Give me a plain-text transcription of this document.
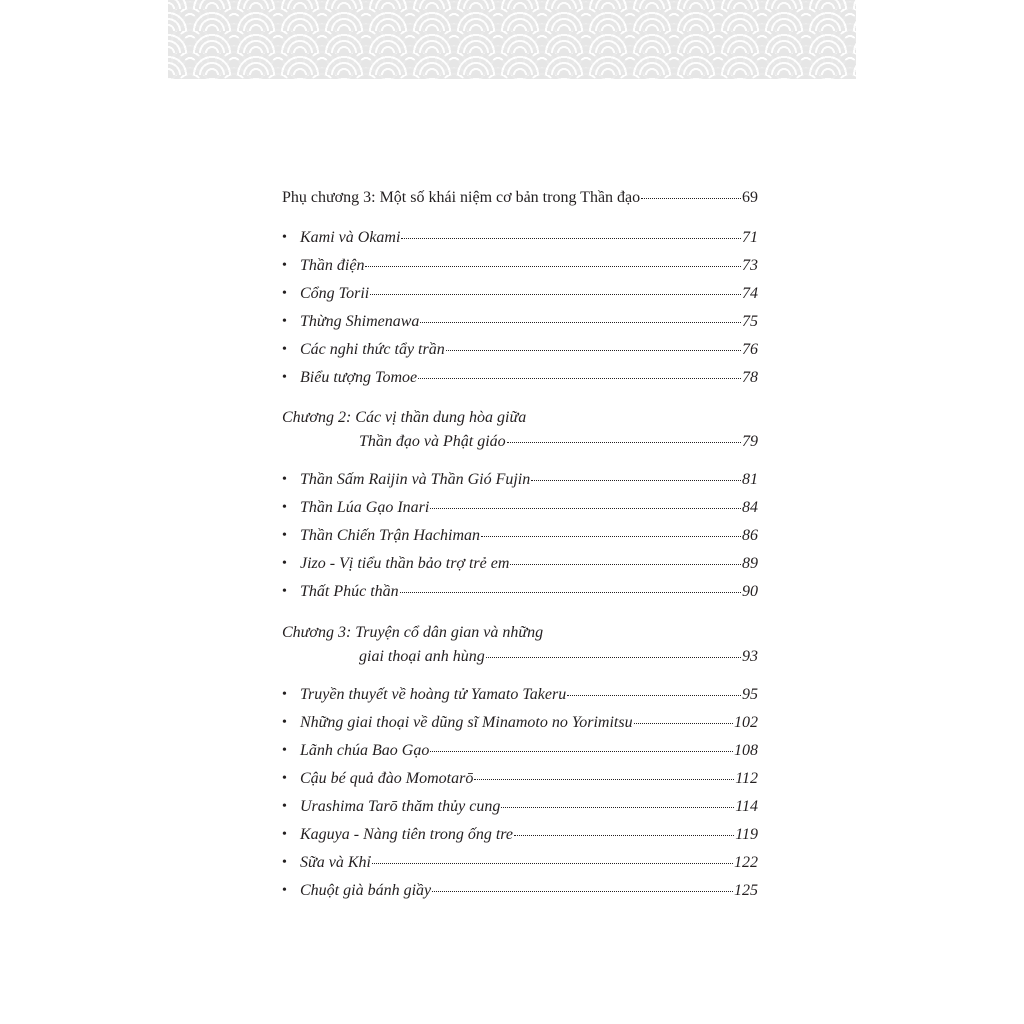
Phụ chương 3: Một số khái niệm cơ bản trong Thần đạo	69
• Kami và Okami	71
• Thần điện	73
• Cổng Torii	74
• Thừng Shimenawa	75
• Các nghi thức tẩy trần	76
• Biểu tượng Tomoe	78
Chương 2: Các vị thần dung hòa giữa
Thần đạo và Phật giáo	79
• Thần Sấm Raijin và Thần Gió Fujin	81
• Thần Lúa Gạo Inari	84
• Thần Chiến Trận Hachiman	86
• Jizo - Vị tiểu thần bảo trợ trẻ em	89
• Thất Phúc thần	90
Chương 3: Truyện cổ dân gian và những
giai thoại anh hùng	93
• Truyền thuyết về hoàng tử Yamato Takeru	95
• Những giai thoại về dũng sĩ Minamoto no Yorimitsu	102
• Lãnh chúa Bao Gạo	108
• Cậu bé quả đào Momotarō	112
• Urashima Tarō thăm thủy cung	114
• Kaguya - Nàng tiên trong ống tre	119
• Sữa và Khỉ	122
• Chuột già bánh giầy	125
